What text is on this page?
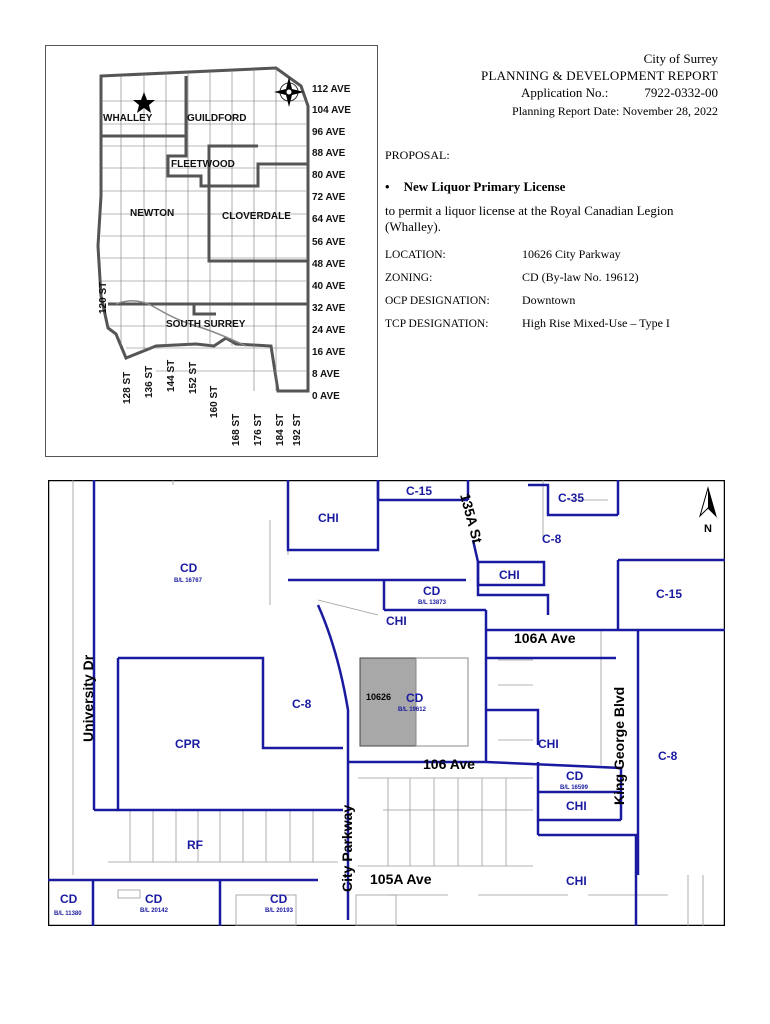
WHALLEY	GUILDFORD
FLEETWOOD
NEWTON	CLOVERDALE
SOUTH SURREY
112 AVE
104 AVE
96 AVE
88 AVE
80 AVE
72 AVE
64 AVE
56 AVE
48 AVE
40 AVE
32 AVE
24 AVE
16 AVE
8 AVE
0 AVE
120 ST
128 ST 136 ST 144 ST 152 ST
160 ST
168 ST 176 ST 184 ST 192 ST
City of Surrey
PLANNING & DEVELOPMENT REPORT
Application No.:	7922-0332-00
Planning Report Date: November 28, 2022
PROPOSAL:
• New Liquor Primary License
to permit a liquor license at the Royal Canadian Legion (Whalley).
LOCATION:	10626 City Parkway
ZONING:	CD (By-law No. 19612)
OCP DESIGNATION:	Downtown
TCP DESIGNATION:	High Rise Mixed-Use – Type I
N
C-15	C-35
CHI
C-8
CHI
CD
B/L 13873
C-15
CHI
CD
B/L 16767
C-8
CPR
10626 CD
B/L 19612
CHI
C-8
CD
B/L 16599
CHI
RF
CHI
CD
B/L 11380
CD
B/L 20142
CD
B/L 20193
135A St
106A Ave
106 Ave
105A Ave
University Dr
City Parkway
King George Blvd
